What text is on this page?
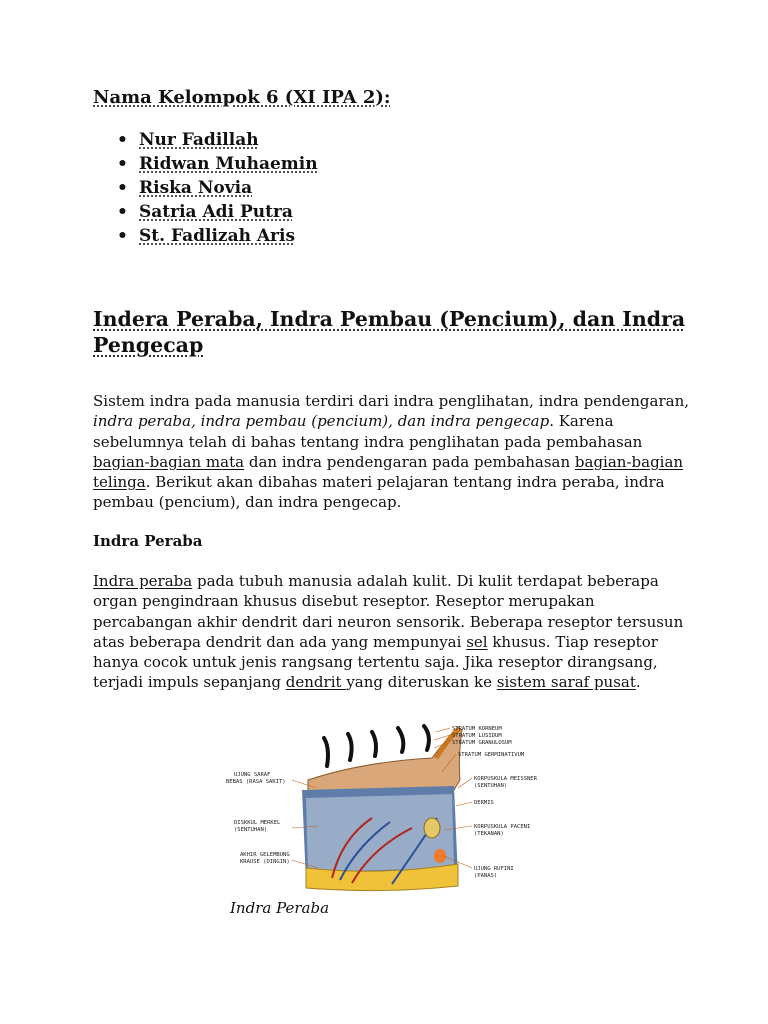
Nama Kelompok 6 (XI IPA 2):
• Nur Fadillah
• Ridwan Muhaemin
• Riska Novia
• Satria Adi Putra
• St. Fadlizah Aris
Indera Peraba, Indra Pembau (Pencium), dan Indra Pengecap

Sistem indra pada manusia terdiri dari indra penglihatan, indra pendengaran, indra peraba, indra pembau (pencium), dan indra pengecap. Karena sebelumnya telah di bahas tentang indra penglihatan pada pembahasan bagian-bagian mata dan indra pendengaran pada pembahasan bagian-bagian telinga. Berikut akan dibahas materi pelajaran tentang indra peraba, indra pembau (pencium), dan indra pengecap.

Indra Peraba

Indra peraba pada tubuh manusia adalah kulit. Di kulit terdapat beberapa organ pengindraan khusus disebut reseptor. Reseptor merupakan percabangan akhir dendrit dari neuron sensorik. Beberapa reseptor tersusun atas beberapa dendrit dan ada yang mempunyai sel khusus. Tiap reseptor hanya cocok untuk jenis rangsang tertentu saja. Jika reseptor dirangsang, terjadi impuls sepanjang dendrit yang diteruskan ke sistem saraf pusat.

STRATUM KORNEUM
STRATUM LUSIDUM
STRATUM GRANULOSUM
STRATUM GERMINATIVUM
KORPUSKULA MEISSNER
(SENTUHAN)
DERMIS
KORPUSKULA PACENI
(TEKANAN)
UJUNG RUFINI
(PANAS)
UJUNG SARAF
BEBAS (RASA SAKIT)
DISKKUL MERKEL
(SENTUHAN)
AKHIR GELEMBUNG
KRAUSE (DINGIN)
Indra Peraba
